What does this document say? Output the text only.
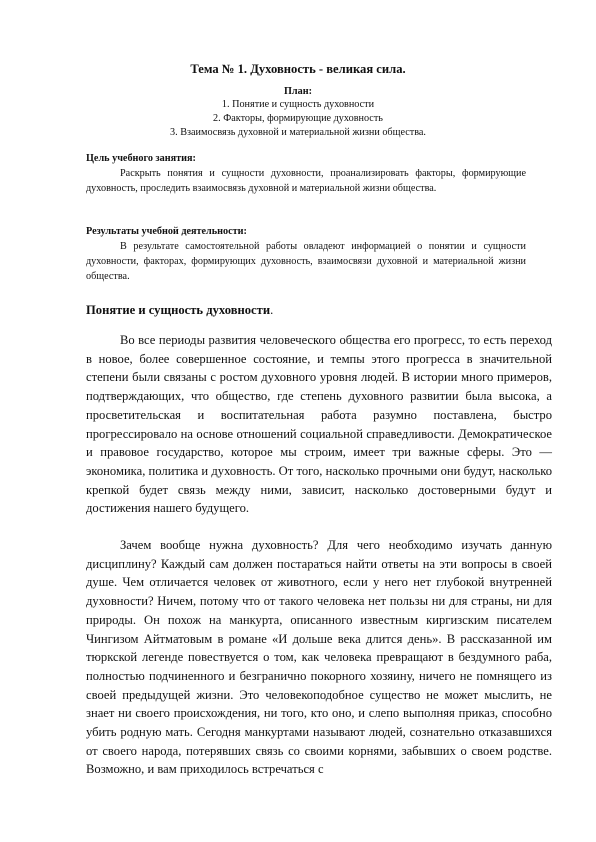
Тема № 1. Духовность - великая сила.
План:
1. Понятие и сущность духовности
2. Факторы, формирующие духовность
3. Взаимосвязь духовной и материальной жизни общества.
Цель учебного занятия:

Раскрыть понятия и сущности духовности, проанализировать факторы, формирующие духовность, проследить взаимосвязь духовной и материальной жизни общества.

Результаты учебной деятельности:

В результате самостоятельной работы овладеют информацией о понятии и сущности духовности, факторах, формирующих духовность, взаимосвязи духовной и материальной жизни общества.

Понятие и сущность духовности.

Во все периоды развития человеческого общества его прогресс, то есть переход в новое, более совершенное состояние, и темпы этого прогресса в значительной степени были связаны с ростом духовного уровня людей. В истории много примеров, подтверждающих, что общество, где степень духовного развитии была высока, а просветительская и воспитательная работа разумно поставлена, быстро прогрессировало на основе отношений социальной справедливости. Демократическое и правовое государство, которое мы строим, имеет три важные сферы. Это — экономика, политика и духовность. От того, насколько прочными они будут, насколько крепкой будет связь между ними, зависит, насколько достоверными будут и достижения нашего будущего.

Зачем вообще нужна духовность? Для чего необходимо изучать данную дисциплину? Каждый сам должен постараться найти ответы на эти вопросы в своей душе. Чем отличается человек от животного, если у него нет глубокой внутренней духовности? Ничем, потому что от такого человека нет пользы ни для страны, ни для природы. Он похож на манкурта, описанного известным киргизским писателем Чингизом Айтматовым в романе «И дольше века длится день». В рассказанной им тюркской легенде повествуется о том, как человека превращают в бездумного раба, полностью подчиненного и безгранично покорного хозяину, ничего не помнящего из своей предыдущей жизни. Это человекоподобное существо не может мыслить, не знает ни своего происхождения, ни того, кто оно, и слепо выполняя приказ, способно убить родную мать. Сегодня манкуртами называют людей, сознательно отказавшихся от своего народа, потерявших связь со своими корнями, забывших о своем родстве. Возможно, и вам приходилось встречаться с
